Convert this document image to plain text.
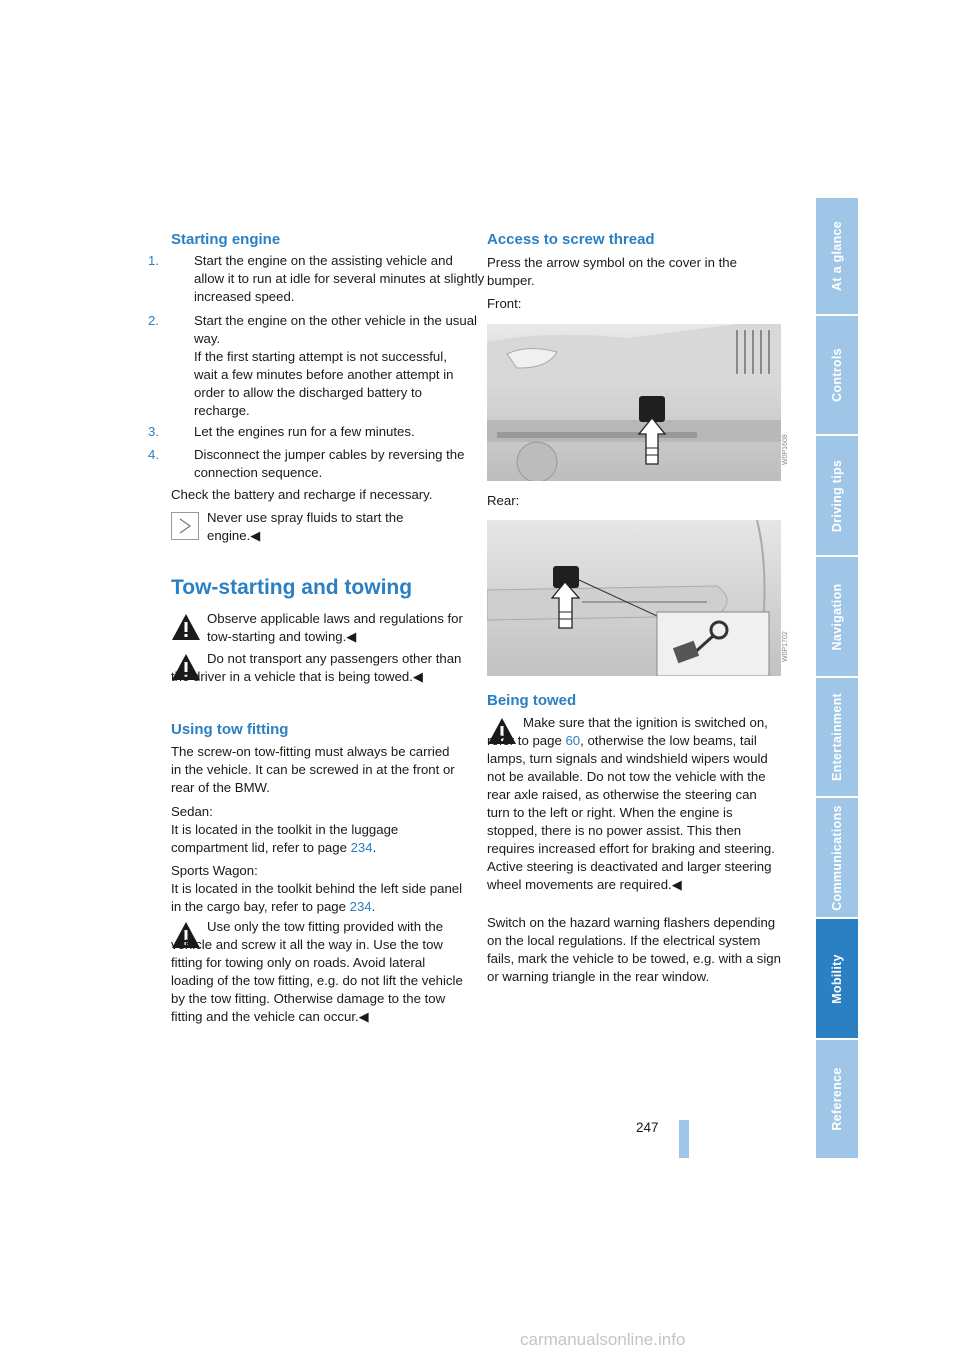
At a glance
Controls
Driving tips
Navigation
Entertainment
Communications
Mobility
Reference
Starting engine
1.	Start the engine on the assisting vehicle and allow it to run at idle for several minutes at slightly increased speed.
2.	Start the engine on the other vehicle in the usual way.
If the first starting attempt is not successful, wait a few minutes before another attempt in order to allow the discharged battery to recharge.
3.	Let the engines run for a few minutes.
4.	Disconnect the jumper cables by reversing the connection sequence.
Check the battery and recharge if necessary.
Never use spray fluids to start the engine.◀
Tow-starting and towing
Observe applicable laws and regulations for tow-starting and towing.◀
Do not transport any passengers other than the driver in a vehicle that is being towed.◀
Using tow fitting
The screw-on tow-fitting must always be carried in the vehicle. It can be screwed in at the front or rear of the BMW.
Sedan:
It is located in the toolkit in the luggage compartment lid, refer to page 234.
Sports Wagon:
It is located in the toolkit behind the left side panel in the cargo bay, refer to page 234.
Use only the tow fitting provided with the vehicle and screw it all the way in. Use the tow fitting for towing only on roads. Avoid lateral loading of the tow fitting, e.g. do not lift the vehicle by the tow fitting. Otherwise damage to the tow fitting and the vehicle can occur.◀
Access to screw thread
Press the arrow symbol on the cover in the bumper.
Front:
W0P1608
Rear:
W0P1702
Being towed
Make sure that the ignition is switched on, refer to page 60, otherwise the low beams, tail lamps, turn signals and windshield wipers would not be available. Do not tow the vehicle with the rear axle raised, as otherwise the steering can turn to the left or right. When the engine is stopped, there is no power assist. This then requires increased effort for braking and steering. Active steering is deactivated and larger steering wheel movements are required.◀
Switch on the hazard warning flashers depending on the local regulations. If the electrical system fails, mark the vehicle to be towed, e.g. with a sign or warning triangle in the rear window.
247
carmanualsonline.info
